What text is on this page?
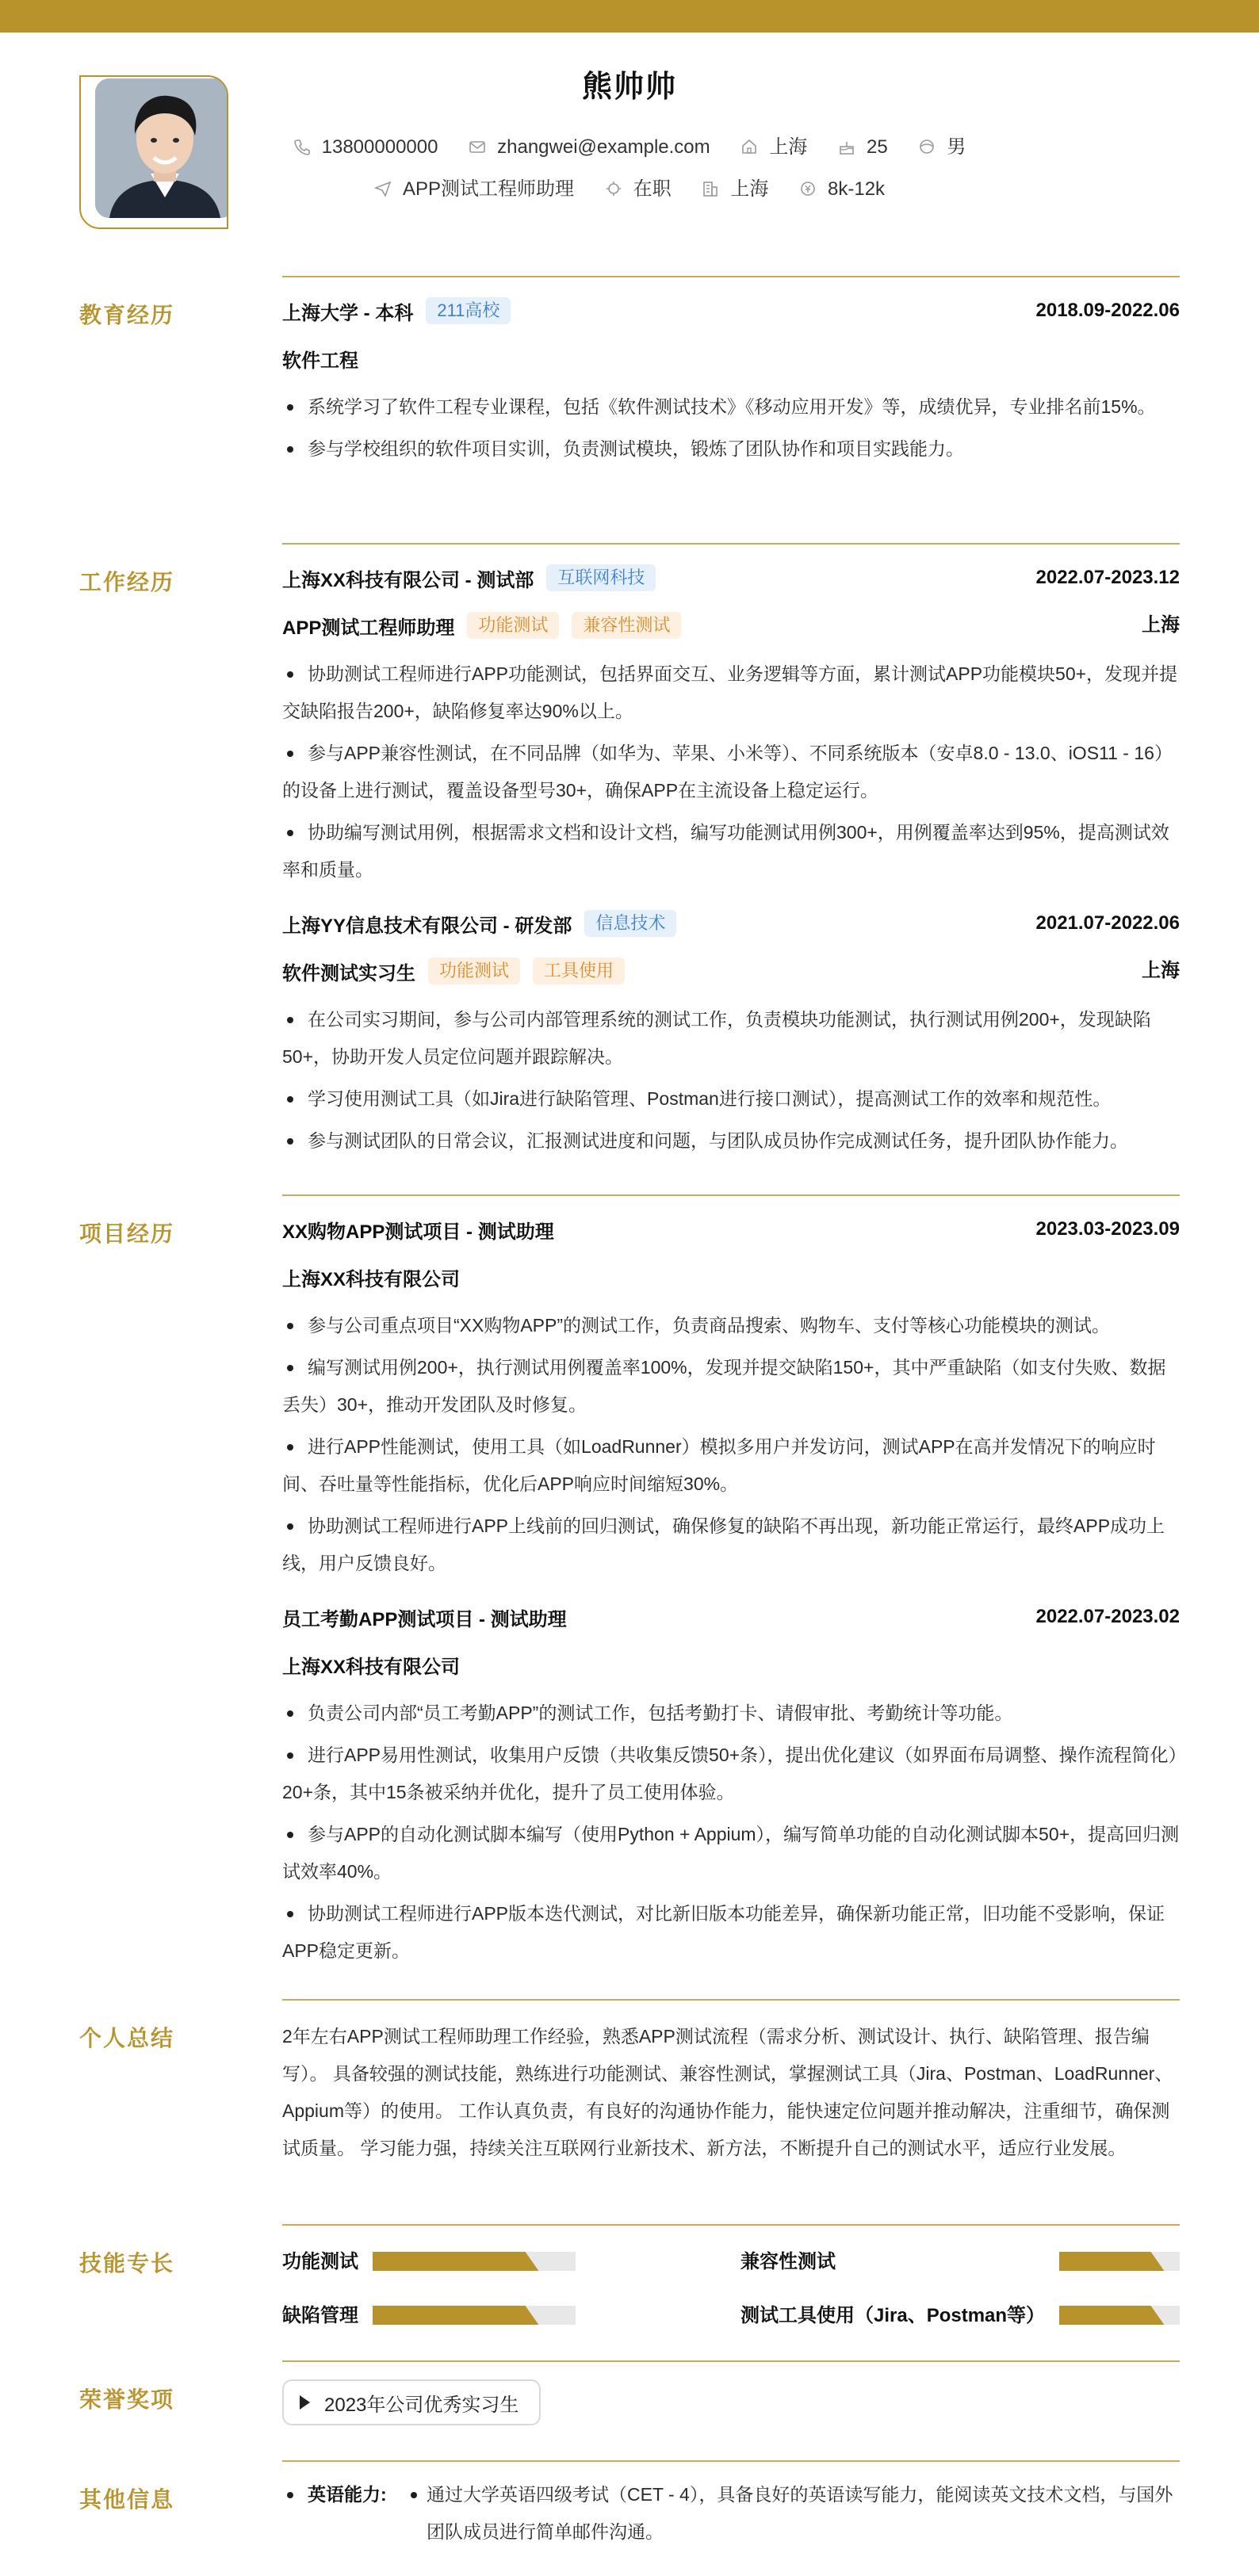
熊帅帅
13800000000	zhangwei@example.com	上海	25	男
APP测试工程师助理	在职	上海	8k-12k
教育经历	上海大学 - 本科	211高校	2018.09-2022.06
软件工程
系统学习了软件工程专业课程，包括《软件测试技术》《移动应用开发》等，成绩优异，专业排名前15%。
参与学校组织的软件项目实训，负责测试模块，锻炼了团队协作和项目实践能力。
工作经历	上海XX科技有限公司 - 测试部	互联网科技	2022.07-2023.12
APP测试工程师助理	功能测试	兼容性测试	上海
协助测试工程师进行APP功能测试，包括界面交互、业务逻辑等方面，累计测试APP功能模块50+，发现并提交缺陷报告200+，缺陷修复率达90%以上。
参与APP兼容性测试，在不同品牌（如华为、苹果、小米等）、不同系统版本（安卓8.0 - 13.0、iOS11 - 16）的设备上进行测试，覆盖设备型号30+，确保APP在主流设备上稳定运行。
协助编写测试用例，根据需求文档和设计文档，编写功能测试用例300+，用例覆盖率达到95%，提高测试效率和质量。
上海YY信息技术有限公司 - 研发部	信息技术	2021.07-2022.06
软件测试实习生	功能测试	工具使用	上海
在公司实习期间，参与公司内部管理系统的测试工作，负责模块功能测试，执行测试用例200+，发现缺陷50+，协助开发人员定位问题并跟踪解决。
学习使用测试工具（如Jira进行缺陷管理、Postman进行接口测试），提高测试工作的效率和规范性。
参与测试团队的日常会议，汇报测试进度和问题，与团队成员协作完成测试任务，提升团队协作能力。
项目经历	XX购物APP测试项目 - 测试助理	2023.03-2023.09
上海XX科技有限公司
参与公司重点项目“XX购物APP”的测试工作，负责商品搜索、购物车、支付等核心功能模块的测试。
编写测试用例200+，执行测试用例覆盖率100%，发现并提交缺陷150+，其中严重缺陷（如支付失败、数据丢失）30+，推动开发团队及时修复。
进行APP性能测试，使用工具（如LoadRunner）模拟多用户并发访问，测试APP在高并发情况下的响应时间、吞吐量等性能指标，优化后APP响应时间缩短30%。
协助测试工程师进行APP上线前的回归测试，确保修复的缺陷不再出现，新功能正常运行，最终APP成功上线，用户反馈良好。
员工考勤APP测试项目 - 测试助理	2022.07-2023.02
上海XX科技有限公司
负责公司内部“员工考勤APP”的测试工作，包括考勤打卡、请假审批、考勤统计等功能。
进行APP易用性测试，收集用户反馈（共收集反馈50+条），提出优化建议（如界面布局调整、操作流程简化）20+条，其中15条被采纳并优化，提升了员工使用体验。
参与APP的自动化测试脚本编写（使用Python + Appium），编写简单功能的自动化测试脚本50+，提高回归测试效率40%。
协助测试工程师进行APP版本迭代测试，对比新旧版本功能差异，确保新功能正常，旧功能不受影响，保证APP稳定更新。
个人总结	2年左右APP测试工程师助理工作经验，熟悉APP测试流程（需求分析、测试设计、执行、缺陷管理、报告编写）。 具备较强的测试技能，熟练进行功能测试、兼容性测试，掌握测试工具（Jira、Postman、LoadRunner、Appium等）的使用。 工作认真负责，有良好的沟通协作能力，能快速定位问题并推动解决，注重细节，确保测试质量。 学习能力强，持续关注互联网行业新技术、新方法，不断提升自己的测试水平，适应行业发展。
技能专长	功能测试	兼容性测试
缺陷管理	测试工具使用（Jira、Postman等）
荣誉奖项	2023年公司优秀实习生
其他信息	英语能力:	通过大学英语四级考试（CET - 4），具备良好的英语读写能力，能阅读英文技术文档，与国外团队成员进行简单邮件沟通。
